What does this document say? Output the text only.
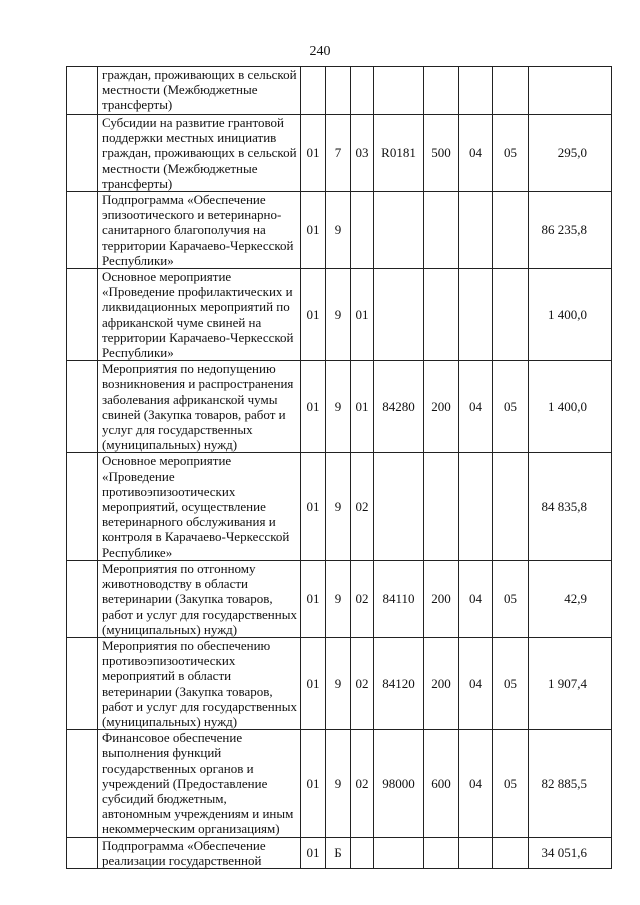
240
	граждан, проживающих в сельской местности (Межбюджетные трансферты)								
	Субсидии на развитие грантовой поддержки местных инициатив граждан, проживающих в сельской местности (Межбюджетные трансферты)	01	7	03	R0181	500	04	05	295,0
	Подпрограмма «Обеспечение эпизоотического и ветеринарно-санитарного благополучия на территории Карачаево-Черкесской Республики»	01	9						86 235,8
	Основное мероприятие «Проведение профилактических и ликвидационных мероприятий по африканской чуме свиней на территории Карачаево-Черкесской Республики»	01	9	01					1 400,0
	Мероприятия по недопущению возникновения и распространения заболевания африканской чумы свиней (Закупка товаров, работ и услуг для государственных (муниципальных) нужд)	01	9	01	84280	200	04	05	1 400,0
	Основное мероприятие «Проведение противоэпизоотических мероприятий, осуществление ветеринарного обслуживания и контроля в Карачаево-Черкесской Республике»	01	9	02					84 835,8
	Мероприятия по отгонному животноводству в области ветеринарии (Закупка товаров, работ и услуг для государственных (муниципальных) нужд)	01	9	02	84110	200	04	05	42,9
	Мероприятия по обеспечению противоэпизоотических мероприятий в области ветеринарии (Закупка товаров, работ и услуг для государственных (муниципальных) нужд)	01	9	02	84120	200	04	05	1 907,4
	Финансовое обеспечение выполнения функций государственных органов и учреждений (Предоставление субсидий бюджетным, автономным учреждениям и иным некоммерческим организациям)	01	9	02	98000	600	04	05	82 885,5
	Подпрограмма «Обеспечение реализации государственной	01	Б						34 051,6
